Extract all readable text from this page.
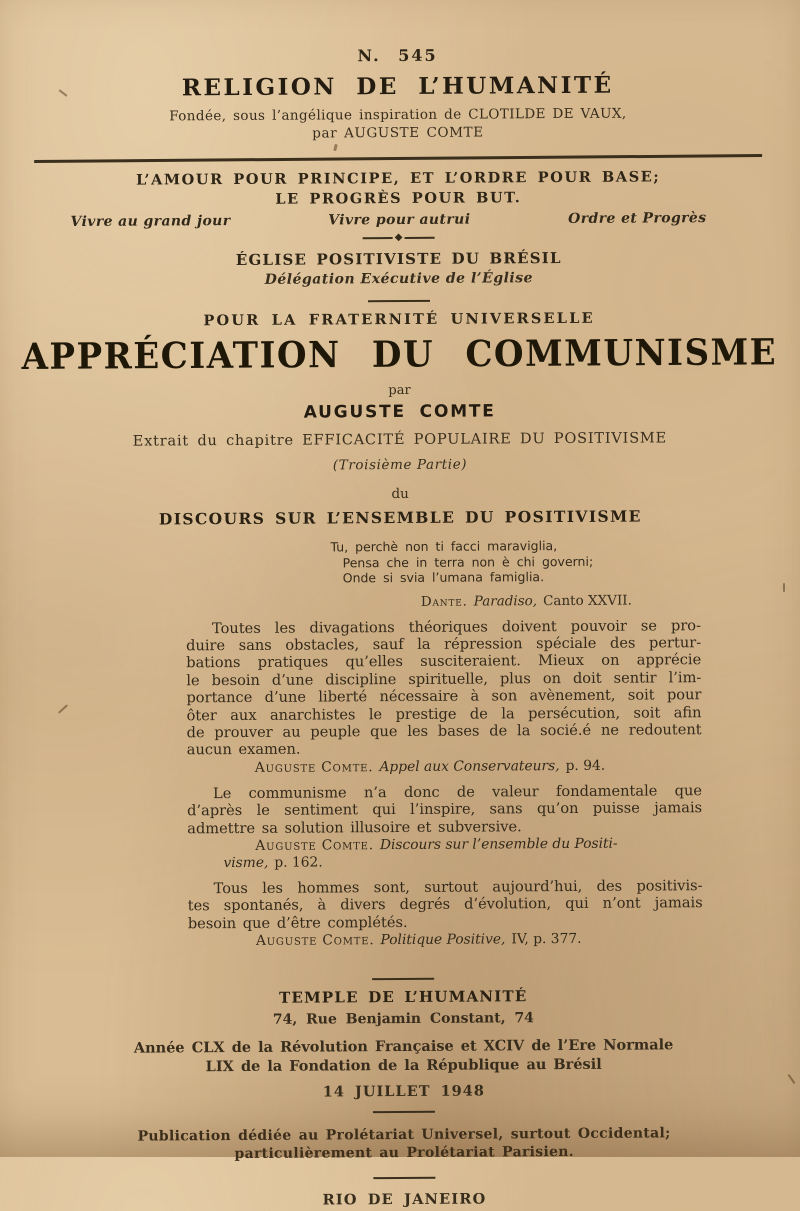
N. 545
RELIGION DE L’HUMANITÉ
Fondée, sous l’angélique inspiration de CLOTILDE DE VAUX,
par AUGUSTE COMTE
L’AMOUR POUR PRINCIPE, ET L’ORDRE POUR BASE;
LE PROGRÈS POUR BUT.
Vivre au grand jour	Vivre pour autrui	Ordre et Progrès
◆
ÉGLISE POSITIVISTE DU BRÉSIL
Délégation Exécutive de l’Église
POUR LA FRATERNITÉ UNIVERSELLE
APPRÉCIATION DU COMMUNISME
par
AUGUSTE COMTE
Extrait du chapitre EFFICACITÉ POPULAIRE DU POSITIVISME
(Troisième Partie)
du
DISCOURS SUR L’ENSEMBLE DU POSITIVISME
Tu, perchè non ti facci maraviglia,
Pensa che in terra non è chi governi;
Onde si svia l’umana famiglia.
Dante. Paradiso, Canto XXVII.
Toutes les divagations théoriques doivent pouvoir se pro-
duire sans obstacles, sauf la répression spéciale des pertur-
bations pratiques qu’elles susciteraient. Mieux on apprécie
le besoin d’une discipline spirituelle, plus on doit sentir l’im-
portance d’une liberté nécessaire à son avènement, soit pour
ôter aux anarchistes le prestige de la persécution, soit afin
de prouver au peuple que les bases de la socié.é ne redoutent
aucun examen.
Auguste Comte. Appel aux Conservateurs, p. 94.
Le communisme n’a donc de valeur fondamentale que
d’après le sentiment qui l’inspire, sans qu’on puisse jamais
admettre sa solution illusoire et subversive.
Auguste Comte. Discours sur l’ensemble du Positi-
visme, p. 162.
Tous les hommes sont, surtout aujourd’hui, des positivis-
tes spontanés, à divers degrés d’évolution, qui n’ont jamais
besoin que d’être complétés.
Auguste Comte. Politique Positive, IV, p. 377.
TEMPLE DE L’HUMANITÉ
74, Rue Benjamin Constant, 74
Année CLX de la Révolution Française et XCIV de l’Ere Normale
LIX de la Fondation de la République au Brésil
14 JUILLET 1948
Publication dédiée au Prolétariat Universel, surtout Occidental;
particulièrement au Prolétariat Parisien.
RIO DE JANEIRO
